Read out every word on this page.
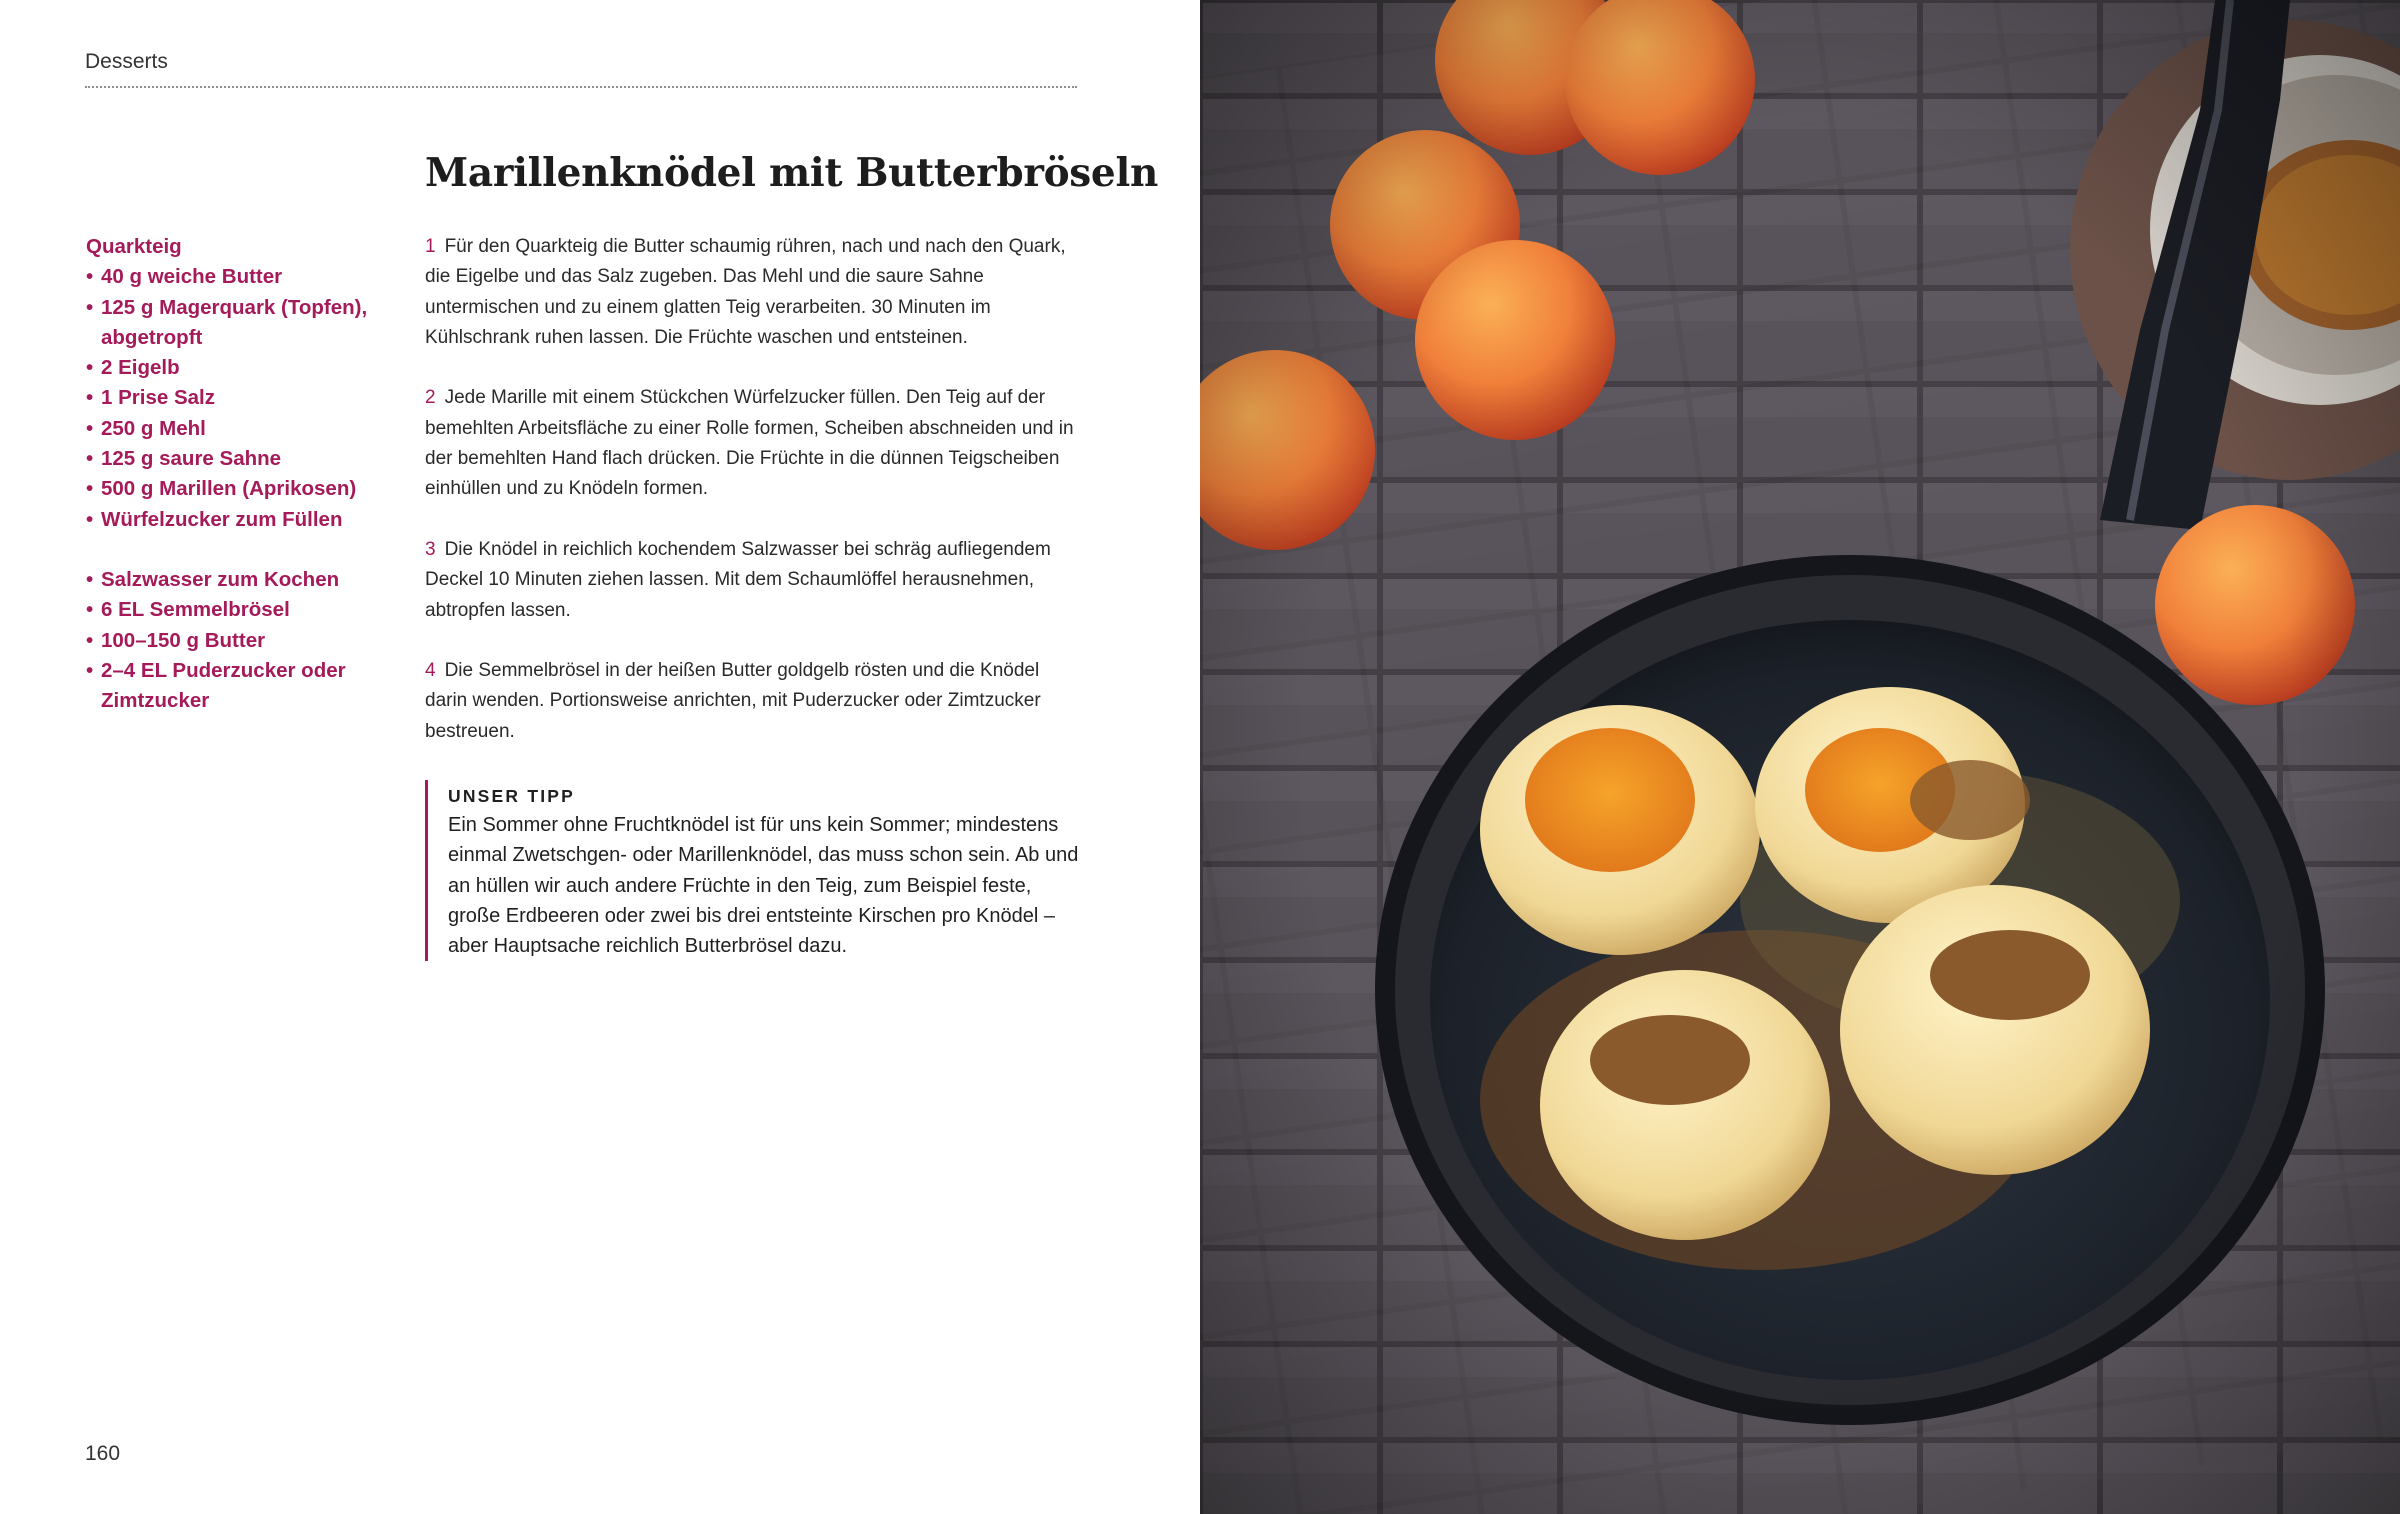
Desserts
Marillenknödel mit Butterbröseln

Quarkteig

• 40 g weiche Butter
• 125 g Magerquark (Topfen), abgetropft
• 2 Eigelb
• 1 Prise Salz
• 250 g Mehl
• 125 g saure Sahne
• 500 g Marillen (Aprikosen)
• Würfelzucker zum Füllen
• Salzwasser zum Kochen
• 6 EL Semmelbrösel
• 100–150 g Butter
• 2–4 EL Puderzucker oder Zimtzucker

1 Für den Quarkteig die Butter schaumig rühren, nach und nach den Quark, die Eigelbe und das Salz zugeben. Das Mehl und die saure Sahne untermischen und zu einem glatten Teig verarbeiten. 30 Minuten im Kühlschrank ruhen lassen. Die Früchte waschen und entsteinen.

2 Jede Marille mit einem Stückchen Würfelzucker füllen. Den Teig auf der bemehlten Arbeitsfläche zu einer Rolle formen, Scheiben abschneiden und in der bemehlten Hand flach drücken. Die Früchte in die dünnen Teigscheiben einhüllen und zu Knödeln formen.

3 Die Knödel in reichlich kochendem Salzwasser bei schräg aufliegendem Deckel 10 Minuten ziehen lassen. Mit dem Schaumlöffel herausnehmen, abtropfen lassen.

4 Die Semmelbrösel in der heißen Butter goldgelb rösten und die Knödel darin wenden. Portionsweise anrichten, mit Puderzucker oder Zimtzucker bestreuen.

UNSER TIPP

Ein Sommer ohne Fruchtknödel ist für uns kein Sommer; mindestens einmal Zwetschgen- oder Marillenknödel, das muss schon sein. Ab und an hüllen wir auch andere Früchte in den Teig, zum Beispiel feste, große Erdbeeren oder zwei bis drei entsteinte Kirschen pro Knödel – aber Hauptsache reichlich Butterbrösel dazu.

160
